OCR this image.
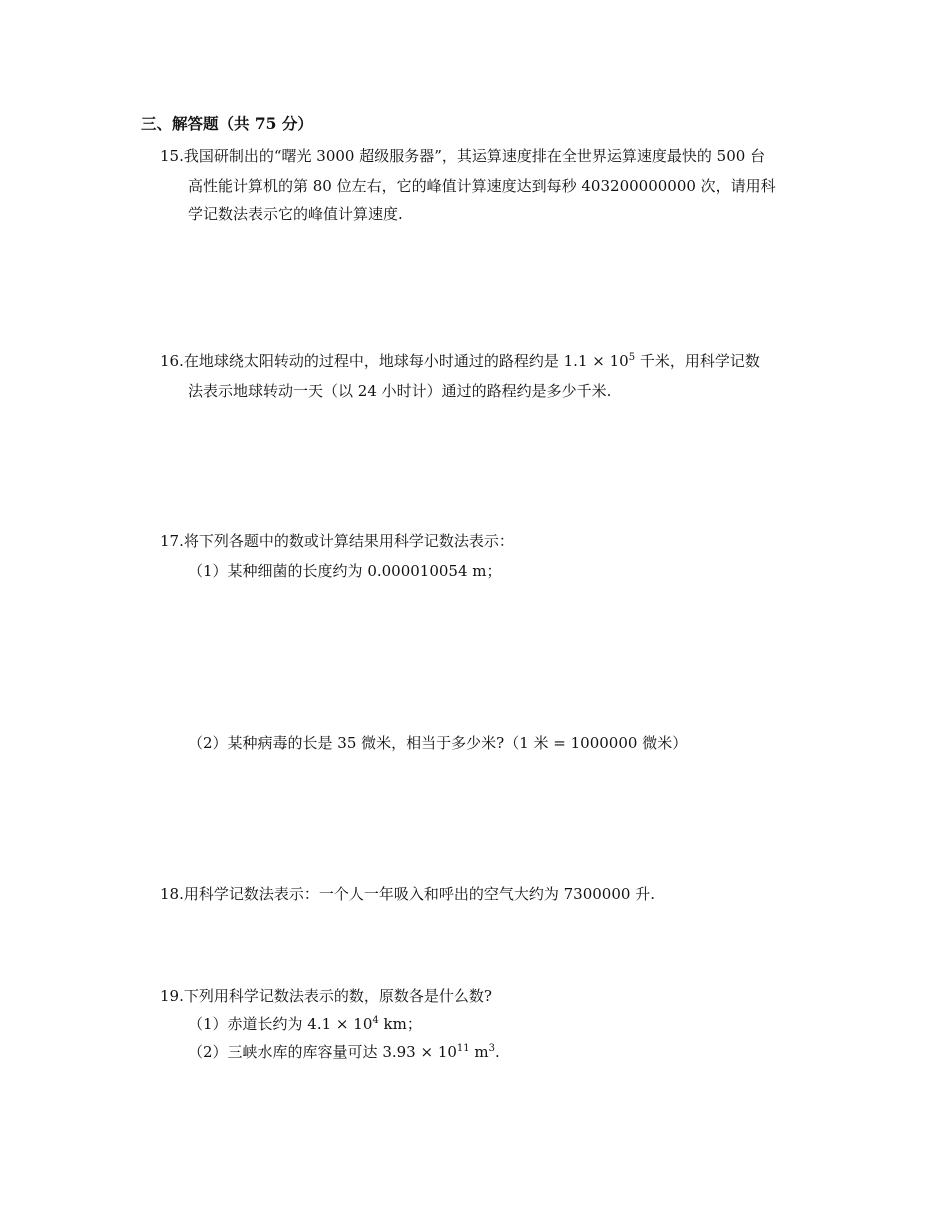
三、解答题（共 75 分）
15.我国研制出的“曙光 3000 超级服务器”，其运算速度排在全世界运算速度最快的 500 台
高性能计算机的第 80 位左右，它的峰值计算速度达到每秒 403200000000 次，请用科
学记数法表示它的峰值计算速度.
16.在地球绕太阳转动的过程中，地球每小时通过的路程约是 $1.1 \times 10^5$ 千米，用科学记数
法表示地球转动一天（以 24 小时计）通过的路程约是多少千米.
17.将下列各题中的数或计算结果用科学记数法表示：
（1）某种细菌的长度约为 0.000010054 m；
（2）某种病毒的长是 35 微米，相当于多少米?（1 米 = 1000000 微米）
18.用科学记数法表示：一个人一年吸入和呼出的空气大约为 7300000 升.
19.下列用科学记数法表示的数，原数各是什么数?
（1）赤道长约为 $4.1 \times 10^4$ km；
（2）三峡水库的库容量可达 $3.93 \times 10^{11}$ $m^3$.
